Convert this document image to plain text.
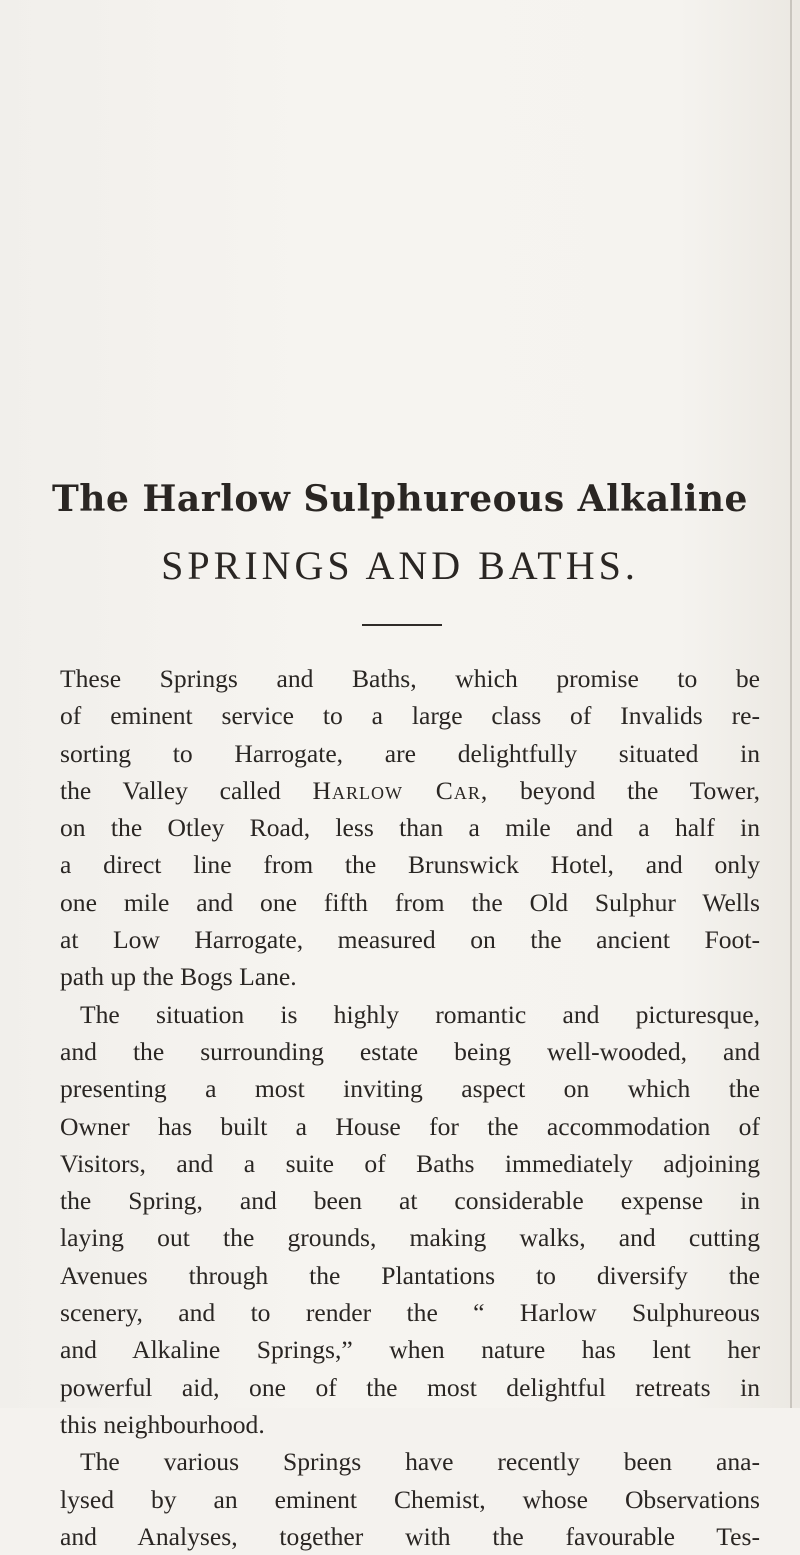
The Harlow Sulphureous Alkaline
SPRINGS AND BATHS.
These Springs and Baths, which promise to be
of eminent service to a large class of Invalids re-
sorting to Harrogate, are delightfully situated in
the Valley called Harlow Car, beyond the Tower,
on the Otley Road, less than a mile and a half in
a direct line from the Brunswick Hotel, and only
one mile and one fifth from the Old Sulphur Wells
at Low Harrogate, measured on the ancient Foot-
path up the Bogs Lane.
The situation is highly romantic and picturesque,
and the surrounding estate being well-wooded, and
presenting a most inviting aspect on which the
Owner has built a House for the accommodation of
Visitors, and a suite of Baths immediately adjoining
the Spring, and been at considerable expense in
laying out the grounds, making walks, and cutting
Avenues through the Plantations to diversify the
scenery, and to render the “ Harlow Sulphureous
and Alkaline Springs,” when nature has lent her
powerful aid, one of the most delightful retreats in
this neighbourhood.
The various Springs have recently been ana-
lysed by an eminent Chemist, whose Observations
and Analyses, together with the favourable Tes-
